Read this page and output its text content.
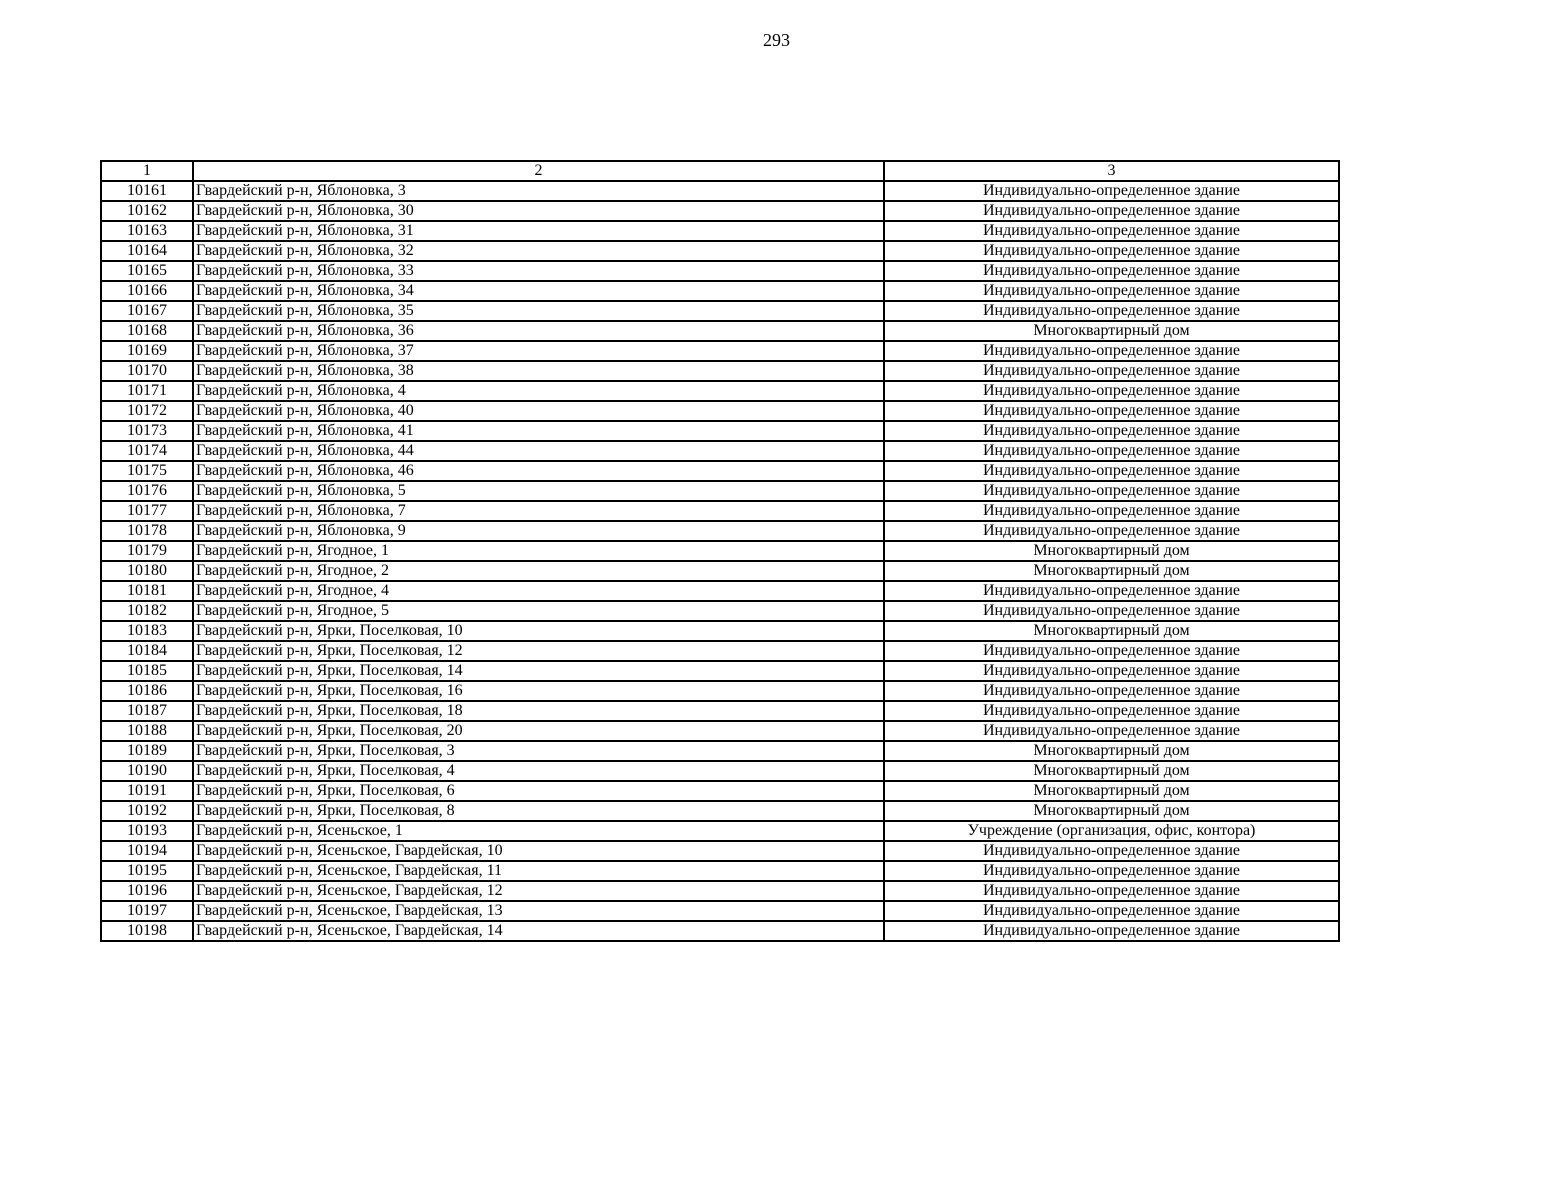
293
1	2	3
10161	Гвардейский р-н, Яблоновка, 3	Индивидуально-определенное здание
10162	Гвардейский р-н, Яблоновка, 30	Индивидуально-определенное здание
10163	Гвардейский р-н, Яблоновка, 31	Индивидуально-определенное здание
10164	Гвардейский р-н, Яблоновка, 32	Индивидуально-определенное здание
10165	Гвардейский р-н, Яблоновка, 33	Индивидуально-определенное здание
10166	Гвардейский р-н, Яблоновка, 34	Индивидуально-определенное здание
10167	Гвардейский р-н, Яблоновка, 35	Индивидуально-определенное здание
10168	Гвардейский р-н, Яблоновка, 36	Многоквартирный дом
10169	Гвардейский р-н, Яблоновка, 37	Индивидуально-определенное здание
10170	Гвардейский р-н, Яблоновка, 38	Индивидуально-определенное здание
10171	Гвардейский р-н, Яблоновка, 4	Индивидуально-определенное здание
10172	Гвардейский р-н, Яблоновка, 40	Индивидуально-определенное здание
10173	Гвардейский р-н, Яблоновка, 41	Индивидуально-определенное здание
10174	Гвардейский р-н, Яблоновка, 44	Индивидуально-определенное здание
10175	Гвардейский р-н, Яблоновка, 46	Индивидуально-определенное здание
10176	Гвардейский р-н, Яблоновка, 5	Индивидуально-определенное здание
10177	Гвардейский р-н, Яблоновка, 7	Индивидуально-определенное здание
10178	Гвардейский р-н, Яблоновка, 9	Индивидуально-определенное здание
10179	Гвардейский р-н, Ягодное, 1	Многоквартирный дом
10180	Гвардейский р-н, Ягодное, 2	Многоквартирный дом
10181	Гвардейский р-н, Ягодное, 4	Индивидуально-определенное здание
10182	Гвардейский р-н, Ягодное, 5	Индивидуально-определенное здание
10183	Гвардейский р-н, Ярки, Поселковая, 10	Многоквартирный дом
10184	Гвардейский р-н, Ярки, Поселковая, 12	Индивидуально-определенное здание
10185	Гвардейский р-н, Ярки, Поселковая, 14	Индивидуально-определенное здание
10186	Гвардейский р-н, Ярки, Поселковая, 16	Индивидуально-определенное здание
10187	Гвардейский р-н, Ярки, Поселковая, 18	Индивидуально-определенное здание
10188	Гвардейский р-н, Ярки, Поселковая, 20	Индивидуально-определенное здание
10189	Гвардейский р-н, Ярки, Поселковая, 3	Многоквартирный дом
10190	Гвардейский р-н, Ярки, Поселковая, 4	Многоквартирный дом
10191	Гвардейский р-н, Ярки, Поселковая, 6	Многоквартирный дом
10192	Гвардейский р-н, Ярки, Поселковая, 8	Многоквартирный дом
10193	Гвардейский р-н, Ясеньское, 1	Учреждение (организация, офис, контора)
10194	Гвардейский р-н, Ясеньское, Гвардейская, 10	Индивидуально-определенное здание
10195	Гвардейский р-н, Ясеньское, Гвардейская, 11	Индивидуально-определенное здание
10196	Гвардейский р-н, Ясеньское, Гвардейская, 12	Индивидуально-определенное здание
10197	Гвардейский р-н, Ясеньское, Гвардейская, 13	Индивидуально-определенное здание
10198	Гвардейский р-н, Ясеньское, Гвардейская, 14	Индивидуально-определенное здание
